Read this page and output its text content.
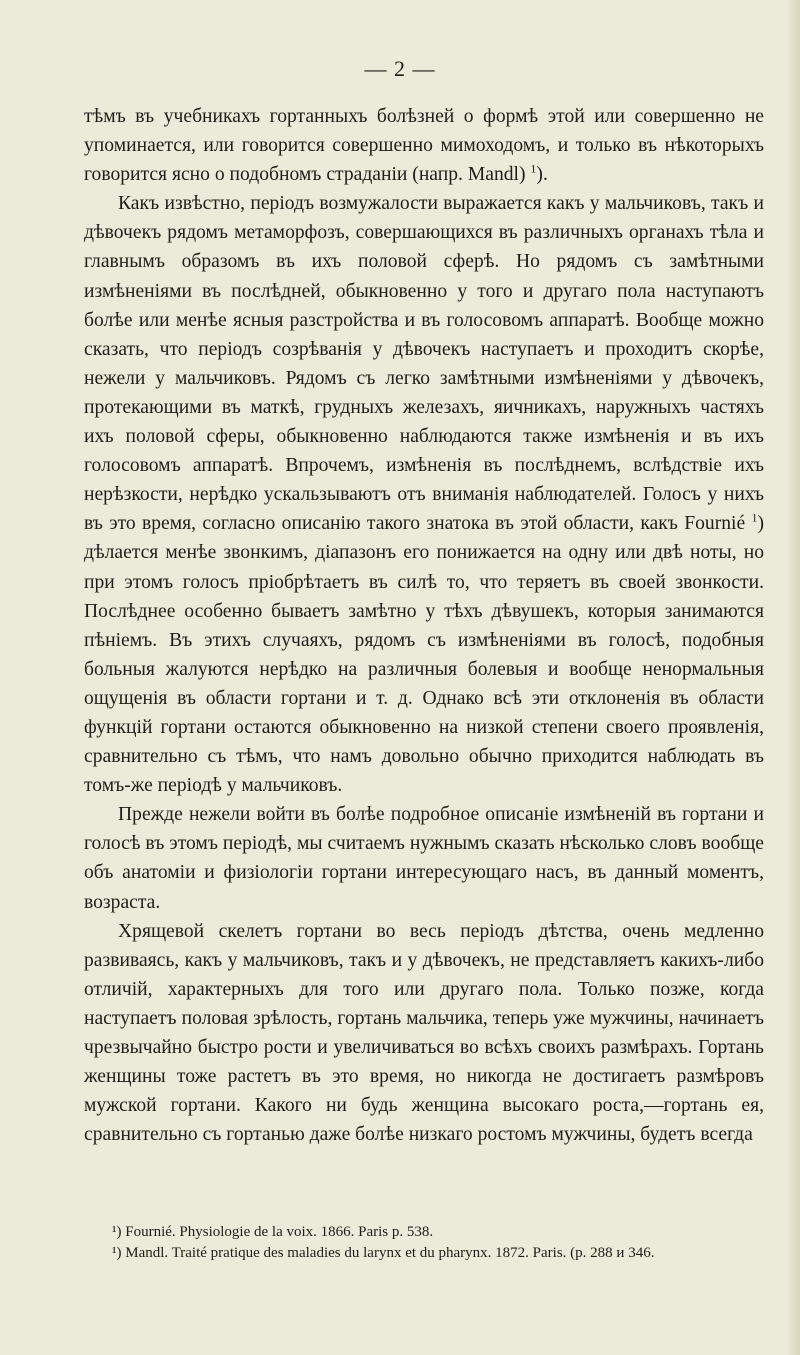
— 2 —

тѣмъ въ учебникахъ гортанныхъ болѣзней о формѣ этой или совершенно не упоминается, или говорится совершенно мимоходомъ, и только въ нѣкоторыхъ говорится ясно о подобномъ страданіи (напр. Mandl) $^1$).

Какъ извѣстно, періодъ возмужалости выражается какъ у мальчиковъ, такъ и дѣвочекъ рядомъ метаморфозъ, совершающихся въ различныхъ органахъ тѣла и главнымъ образомъ въ ихъ половой сферѣ. Но рядомъ съ замѣтными измѣненіями въ послѣдней, обыкновенно у того и другаго пола наступаютъ болѣе или менѣе ясныя разстройства и въ голосовомъ аппаратѣ. Вообще можно сказать, что перiодъ созрѣванія у дѣвочекъ наступаетъ и проходитъ скорѣе, нежели у мальчиковъ. Рядомъ съ легко замѣтными измѣненіями у дѣвочекъ, протекающими въ маткѣ, грудныхъ железахъ, яичникахъ, наружныхъ частяхъ ихъ половой сферы, обыкновенно наблюдаются также измѣненія и въ ихъ голосовомъ аппаратѣ. Впрочемъ, измѣненія въ послѣднемъ, вслѣдствіе ихъ нерѣзкости, нерѣдко ускальзываютъ отъ вниманія наблюдателей. Голосъ у нихъ въ это время, согласно описанію такого знатока въ этой области, какъ Fournié $^1$) дѣлается менѣе звонкимъ, діапазонъ его понижается на одну или двѣ ноты, но при этомъ голосъ пріобрѣтаетъ въ силѣ то, что теряетъ въ своей звонкости. Послѣднее особенно бываетъ замѣтно у тѣхъ дѣвушекъ, которыя занимаются пѣніемъ. Въ этихъ случаяхъ, рядомъ съ измѣненіями въ голосѣ, подобныя больныя жалуются нерѣдко на различныя болевыя и вообще ненормальныя ощущенія въ области гортани и т. д. Однако всѣ эти отклоненія въ области функцій гортани остаются обыкновенно на низкой степени своего проявленія, сравнительно съ тѣмъ, что намъ довольно обычно приходится наблюдать въ томъ-же періодѣ у мальчиковъ.

Прежде нежели войти въ болѣе подробное описаніе измѣненій въ гортани и голосѣ въ этомъ періодѣ, мы считаемъ нужнымъ сказать нѣсколько словъ вообще объ анатоміи и физіологіи гортани интересующаго насъ, въ данный моментъ, возраста.

Хрящевой скелетъ гортани во весь періодъ дѣтства, очень медленно развиваясь, какъ у мальчиковъ, такъ и у дѣвочекъ, не представляетъ какихъ-либо отличій, характерныхъ для того или другаго пола. Только позже, когда наступаетъ половая зрѣлость, гортань мальчика, теперь уже мужчины, начинаетъ чрезвычайно быстро рости и увеличиваться во всѣхъ своихъ размѣрахъ. Гортань женщины тоже растетъ въ это время, но никогда не достигаетъ размѣровъ мужской гортани. Какого ни будь женщина высокаго роста,—гортань ея, сравнительно съ гортанью даже болѣе низкаго ростомъ мужчины, будетъ всегда

¹) Fournié. Physiologie de la voix. 1866. Paris p. 538.

¹) Mandl. Traité pratique des maladies du larynx et du pharynx. 1872. Paris. (p. 288 и 346.
